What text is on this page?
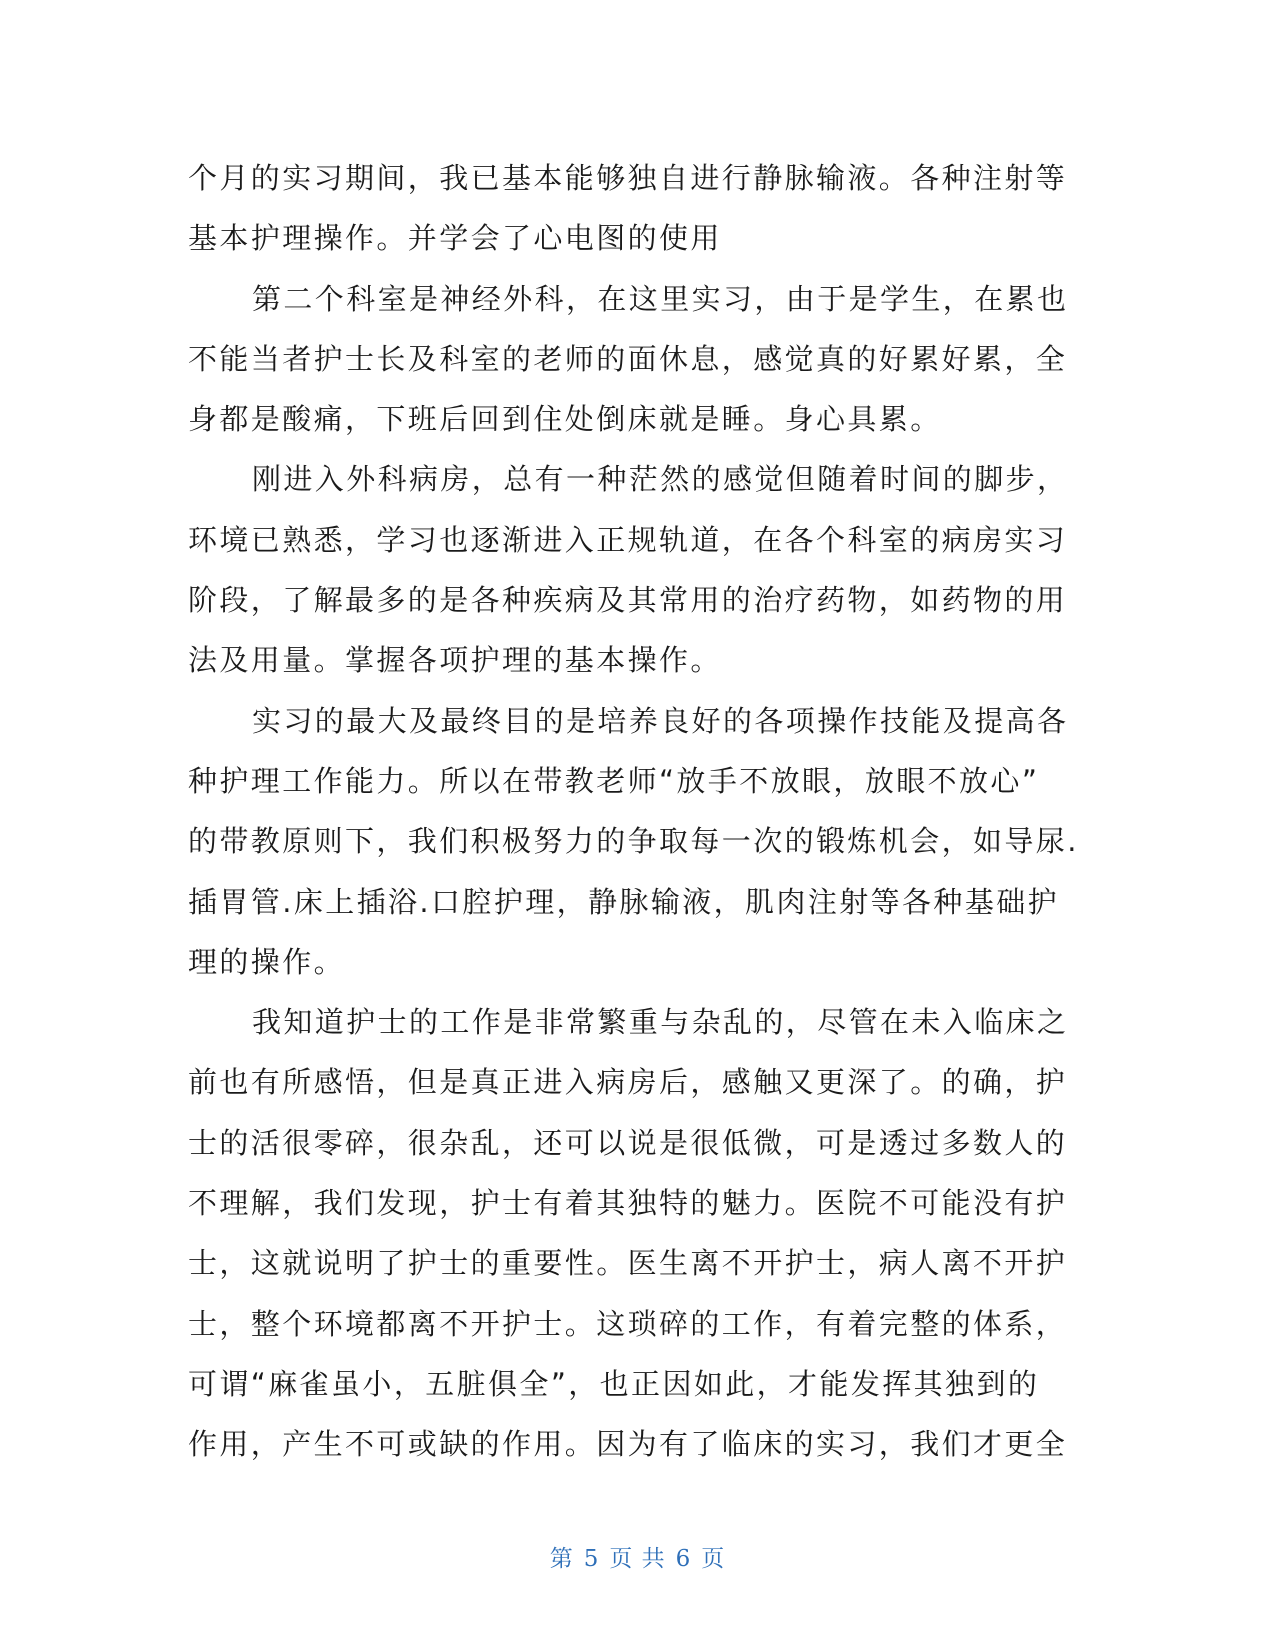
个月的实习期间，我已基本能够独自进行静脉输液。各种注射等
基本护理操作。并学会了心电图的使用
第二个科室是神经外科，在这里实习，由于是学生，在累也
不能当者护士长及科室的老师的面休息，感觉真的好累好累，全
身都是酸痛，下班后回到住处倒床就是睡。身心具累。
刚进入外科病房，总有一种茫然的感觉但随着时间的脚步，
环境已熟悉，学习也逐渐进入正规轨道，在各个科室的病房实习
阶段，了解最多的是各种疾病及其常用的治疗药物，如药物的用
法及用量。掌握各项护理的基本操作。
实习的最大及最终目的是培养良好的各项操作技能及提高各
种护理工作能力。所以在带教老师“放手不放眼，放眼不放心”
的带教原则下，我们积极努力的争取每一次的锻炼机会，如导尿.
插胃管.床上插浴.口腔护理，静脉输液，肌肉注射等各种基础护
理的操作。
我知道护士的工作是非常繁重与杂乱的，尽管在未入临床之
前也有所感悟，但是真正进入病房后，感触又更深了。的确，护
士的活很零碎，很杂乱，还可以说是很低微，可是透过多数人的
不理解，我们发现，护士有着其独特的魅力。医院不可能没有护
士，这就说明了护士的重要性。医生离不开护士，病人离不开护
士，整个环境都离不开护士。这琐碎的工作，有着完整的体系，
可谓“麻雀虽小，五脏俱全”，也正因如此，才能发挥其独到的
作用，产生不可或缺的作用。因为有了临床的实习，我们才更全
第 5 页 共 6 页
